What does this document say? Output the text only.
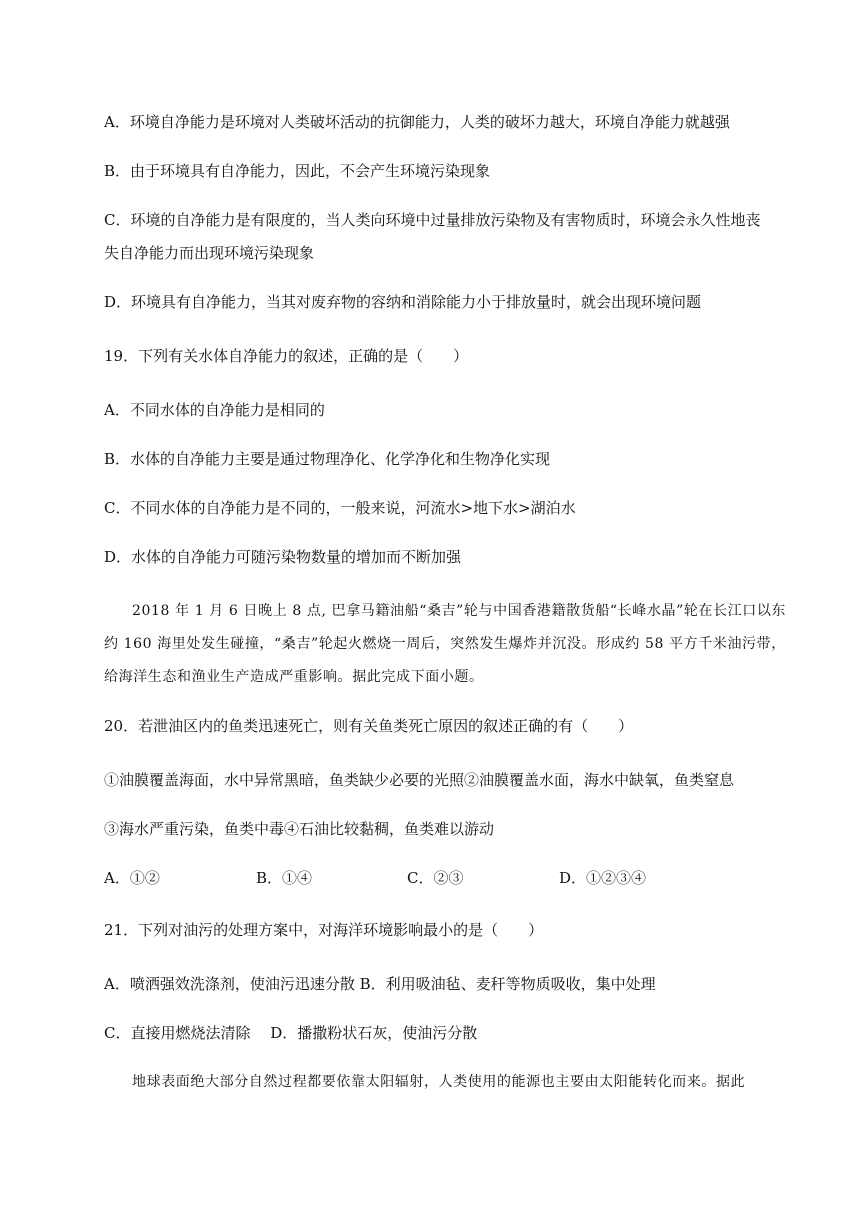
A．环境自净能力是环境对人类破坏活动的抗御能力，人类的破坏力越大，环境自净能力就越强
B．由于环境具有自净能力，因此，不会产生环境污染现象
C．环境的自净能力是有限度的，当人类向环境中过量排放污染物及有害物质时，环境会永久性地丧
失自净能力而出现环境污染现象
D．环境具有自净能力，当其对废弃物的容纳和消除能力小于排放量时，就会出现环境问题
19．下列有关水体自净能力的叙述，正确的是（　　）
A．不同水体的自净能力是相同的
B．水体的自净能力主要是通过物理净化、化学净化和生物净化实现
C．不同水体的自净能力是不同的，一般来说，河流水>地下水>湖泊水
D．水体的自净能力可随污染物数量的增加而不断加强

2018 年 1 月 6 日晚上 8 点, 巴拿马籍油船“桑吉”轮与中国香港籍散货船“长峰水晶”轮在长江口以东约 160 海里处发生碰撞，“桑吉”轮起火燃烧一周后，突然发生爆炸并沉没。形成约 58 平方千米油污带，给海洋生态和渔业生产造成严重影响。据此完成下面小题。

20．若泄油区内的鱼类迅速死亡，则有关鱼类死亡原因的叙述正确的有（　　）
①油膜覆盖海面，水中异常黑暗，鱼类缺少必要的光照②油膜覆盖水面，海水中缺氧，鱼类窒息
③海水严重污染，鱼类中毒④石油比较黏稠，鱼类难以游动
A．①②	B．①④	C．②③	D．①②③④
21．下列对油污的处理方案中，对海洋环境影响最小的是（　　）
A．喷洒强效洗涤剂，使油污迅速分散 B．利用吸油毡、麦秆等物质吸收，集中处理
C．直接用燃烧法清除　 D．播撒粉状石灰，使油污分散

地球表面绝大部分自然过程都要依靠太阳辐射，人类使用的能源也主要由太阳能转化而来。据此
